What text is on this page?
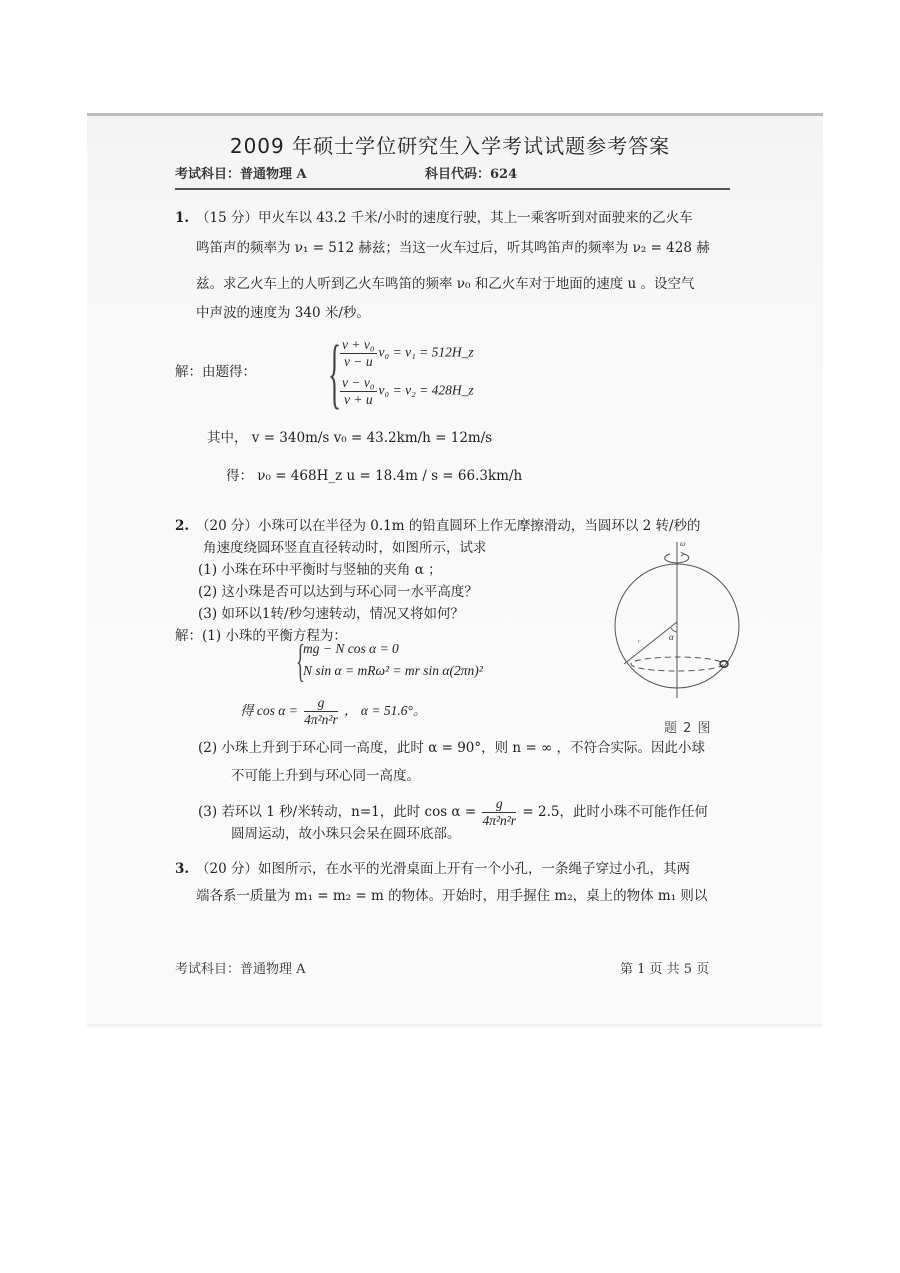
2009 年硕士学位研究生入学考试试题参考答案
考试科目：普通物理 A	科目代码：624
1. （15 分）甲火车以 43.2 千米/小时的速度行驶，其上一乘客听到对面驶来的乙火车
鸣笛声的频率为 ν₁ = 512 赫兹；当这一火车过后，听其鸣笛声的频率为 ν₂ = 428 赫
兹。求乙火车上的人听到乙火车鸣笛的频率 ν₀ 和乙火车对于地面的速度 u 。设空气
中声波的速度为 340 米/秒。
解：由题得： {
$\frac{\text{v + v₀}}{v - u} \nu_0 = \nu_1$ = 512H_z
$\frac{\text{v − v₀}}{v + u} \nu_0 = \nu_2$ = 428H_z
其中， v = 340m/s v₀ = 43.2km/h = 12m/s
得： ν₀ = 468H_z u = 18.4m / s = 66.3km/h
2. （20 分）小珠可以在半径为 0.1m 的铅直圆环上作无摩擦滑动，当圆环以 2 转/秒的
角速度绕圆环竖直直径转动时，如图所示，试求
(1) 小珠在环中平衡时与竖轴的夹角 α ；
(2) 这小珠是否可以达到与环心同一水平高度？
(3) 如环以1转/秒匀速转动，情况又将如何？
解：(1) 小珠的平衡方程为：
{
mg − N cos α = 0
N sin α = mRω² = mr sin α(2πn)²
得 $\cos \alpha = \frac{g}{\text{4π²n²r}}$ ， α = 51.6°。
(2) 小珠上升到于环心同一高度，此时 α = 90°，则 n = ∞ ，不符合实际。因此小球
不可能上升到与环心同一高度。
(3) 若环以 1 秒/米转动，n=1，此时 $\cos \alpha = \frac{g}{\text{4π²n²r}} = 2.5$，此时小珠不可能作任何
圆周运动，故小珠只会呆在圆环底部。
ω
α
r
题 2 图
3. （20 分）如图所示，在水平的光滑桌面上开有一个小孔，一条绳子穿过小孔，其两
端各系一质量为 m₁ = m₂ = m 的物体。开始时，用手握住 m₂，桌上的物体 m₁ 则以
考试科目：普通物理 A	第 1 页 共 5 页
